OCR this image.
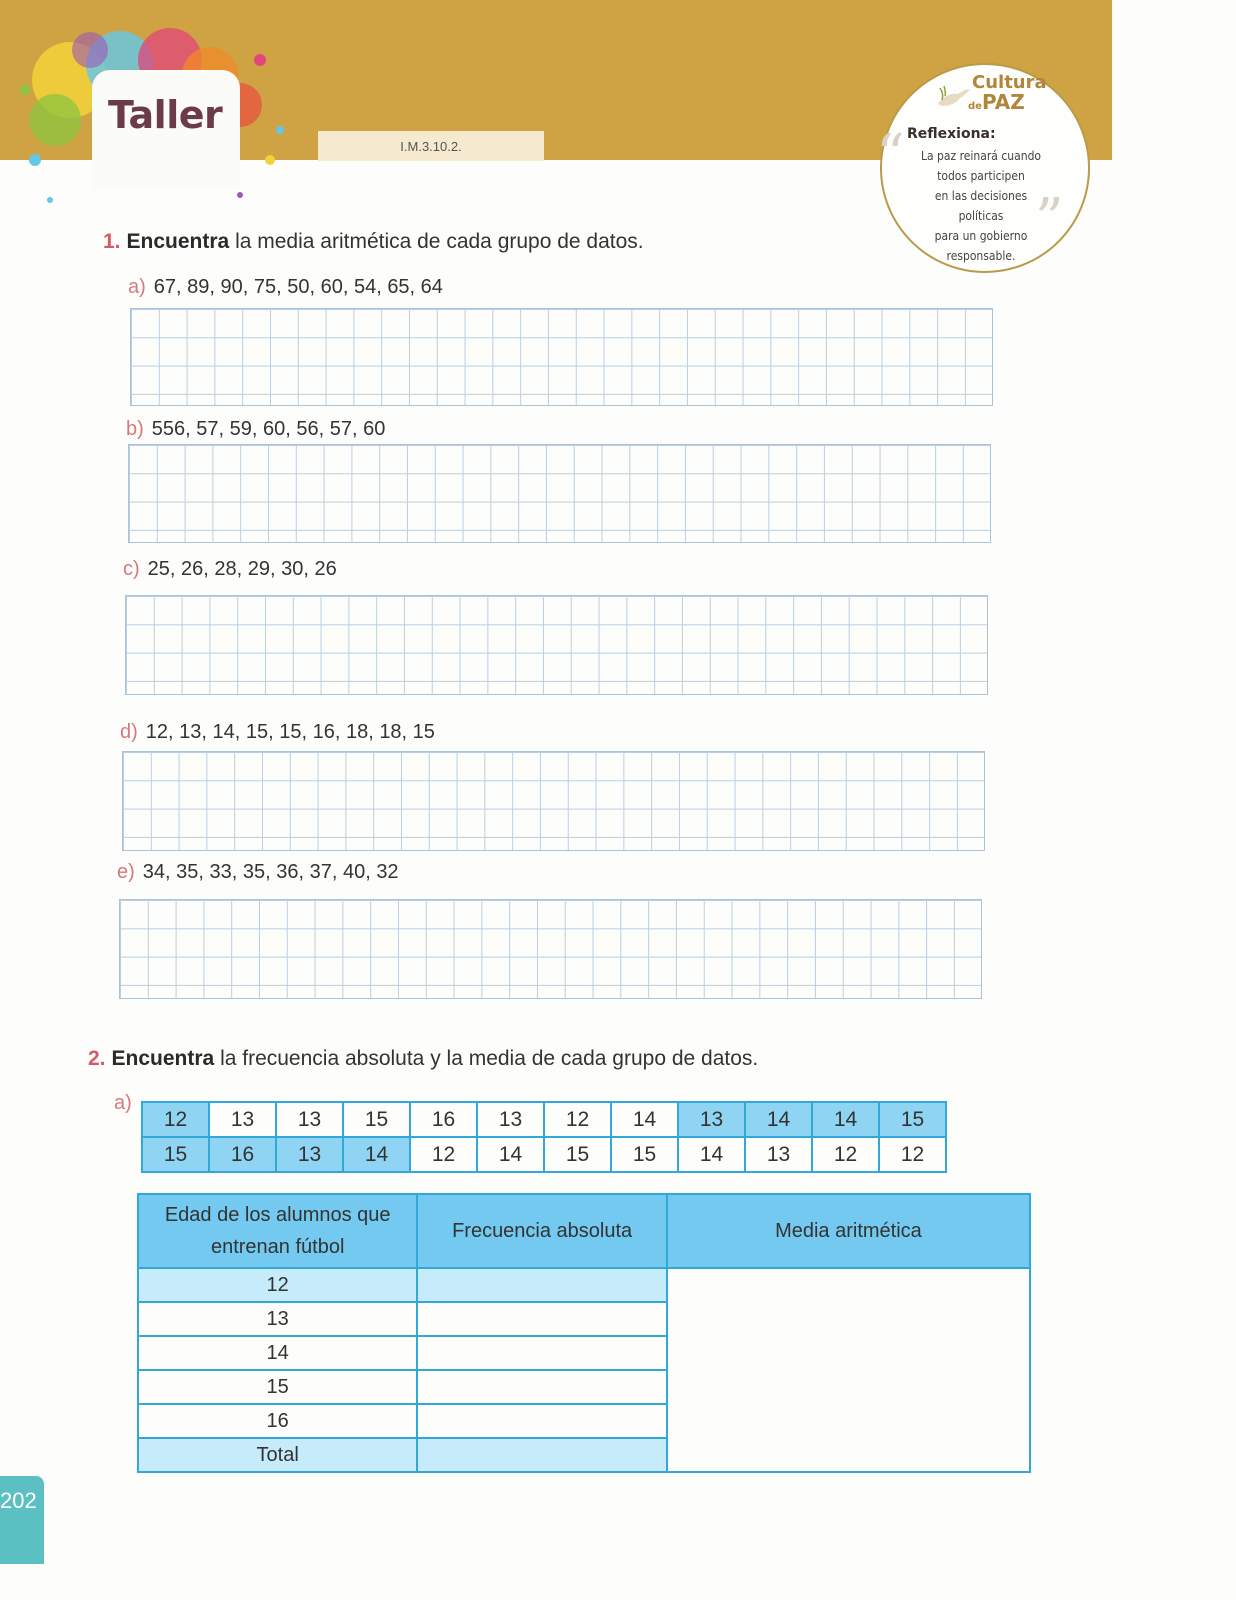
Taller
I.M.3.10.2.
Cultura
dePAZ
Reflexiona:
“	La paz reinará cuando
todos participen
en las decisiones políticas
para un gobierno
responsable.
”
1. Encuentra la media aritmética de cada grupo de datos.
a) 67, 89, 90, 75, 50, 60, 54, 65, 64
b) 556, 57, 59, 60, 56, 57, 60
c) 25, 26, 28, 29, 30, 26
d) 12, 13, 14, 15, 15, 16, 18, 18, 15
e) 34, 35, 33, 35, 36, 37, 40, 32
2. Encuentra la frecuencia absoluta y la media de cada grupo de datos.
a)
12	13	13	15	16	13	12	14	13	14	14	15
15	16	13	14	12	14	15	15	14	13	12	12
Edad de los alumnos que entrenan fútbol	Frecuencia absoluta	Media aritmética
12		
13		
14		
15		
16		
Total		
202
